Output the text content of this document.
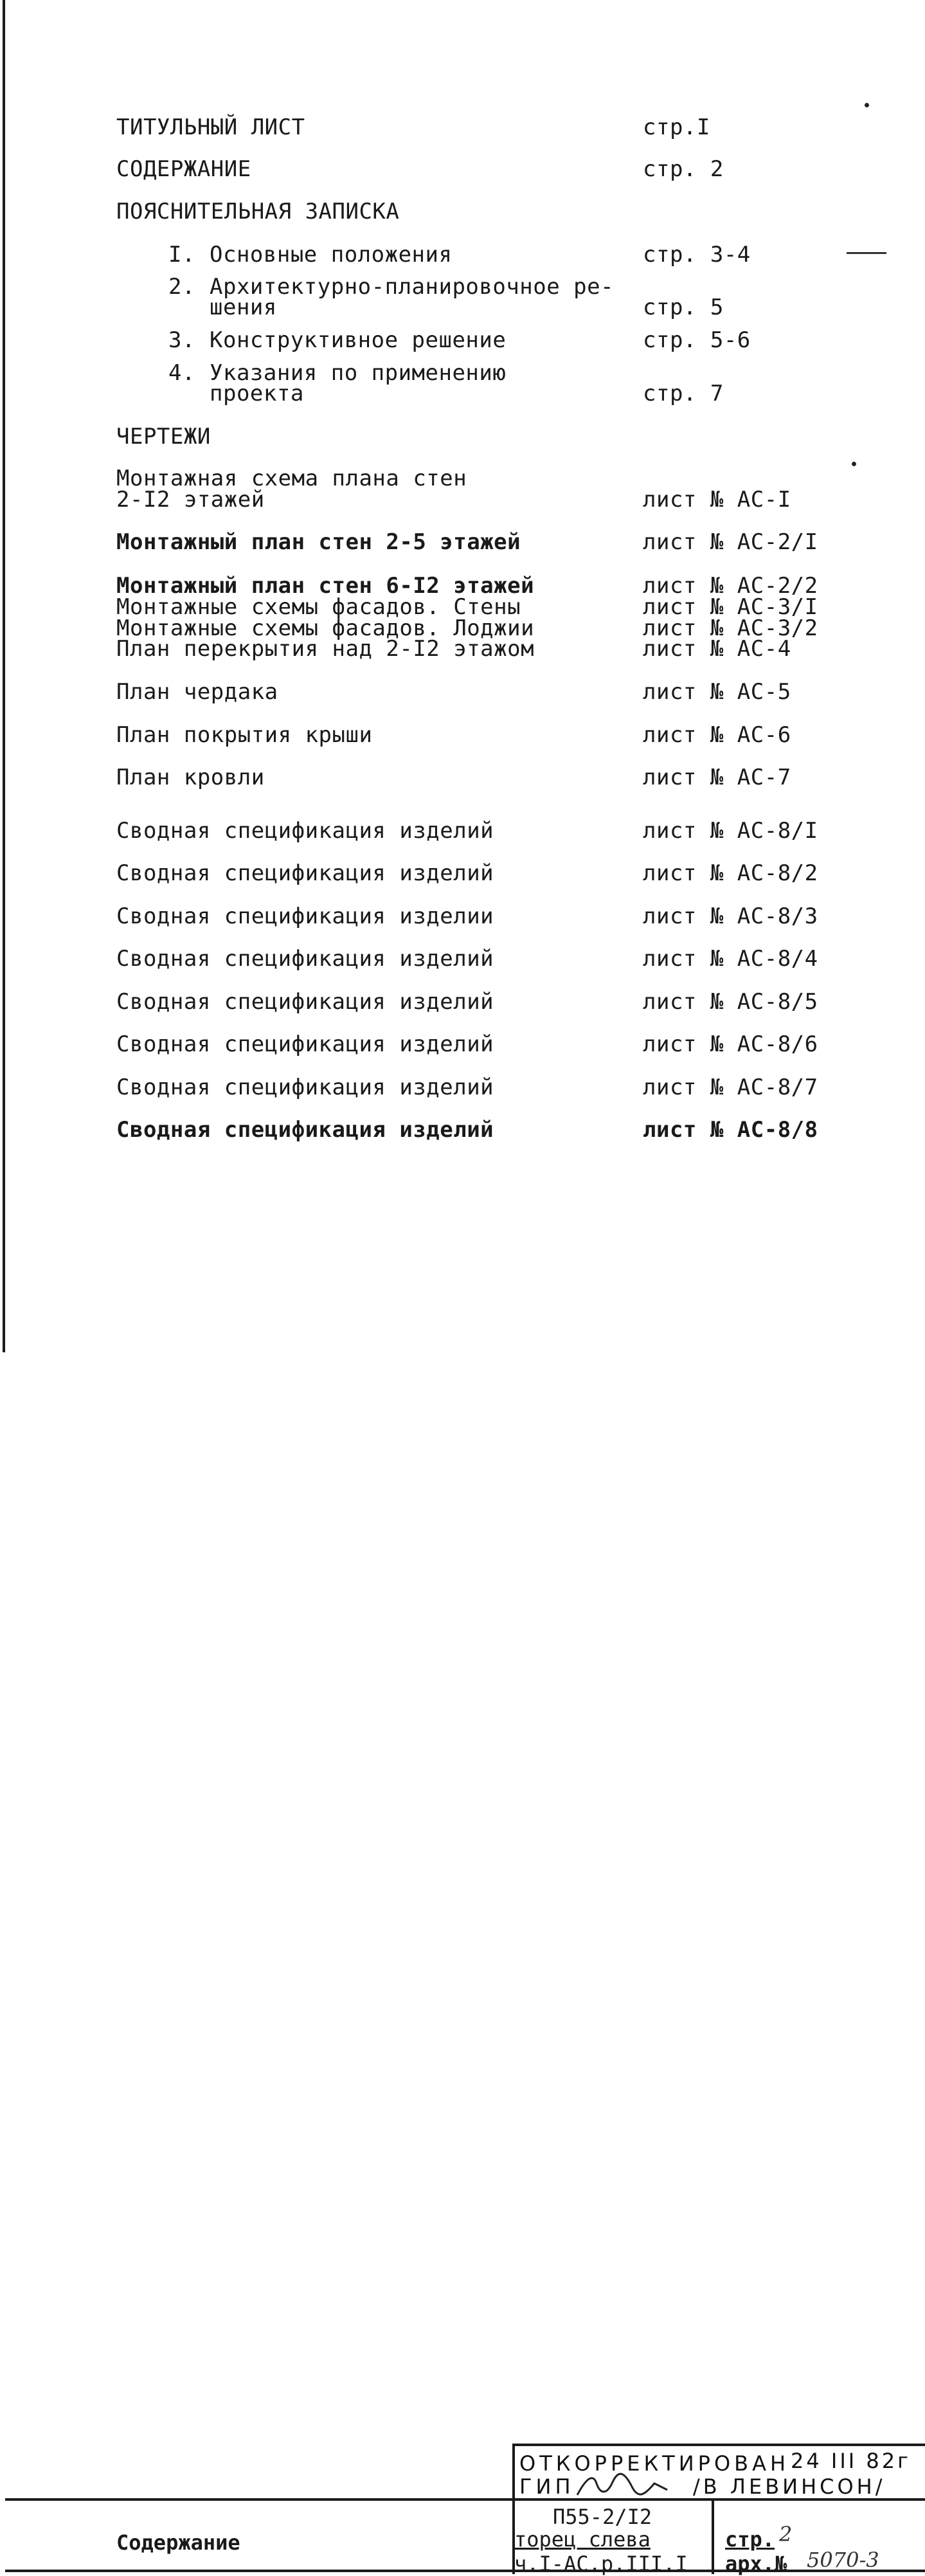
ТИТУЛЬНЫЙ ЛИСТ	стр.I
СОДЕРЖАНИЕ	стр. 2
ПОЯСНИТЕЛЬНАЯ ЗАПИСКА
I. Основные положения	стр. 3-4
2. Архитектурно-планировочное ре-
шения	стр. 5
3. Конструктивное решение	стр. 5-6
4. Указания по применению
проекта	стр. 7
ЧЕРТЕЖИ
Монтажная схема плана стен
2-I2 этажей	лист № АС-I
Монтажный план стен 2-5 этажей	лист № АС-2/I
Монтажный план стен 6-I2 этажей	лист № АС-2/2
Монтажные схемы фасадов. Стены	лист № АС-3/I
Монтажные схемы фасадов. Лоджии	лист № АС-3/2
План перекрытия над 2-I2 этажом	лист № АС-4
План чердака	лист № АС-5
План покрытия крыши	лист № АС-6
План кровли	лист № АС-7
Сводная спецификация изделий	лист № АС-8/I
Сводная спецификация изделий	лист № АС-8/2
Сводная спецификация изделии	лист № АС-8/3
Сводная спецификация изделий	лист № АС-8/4
Сводная спецификация изделий	лист № АС-8/5
Сводная спецификация изделий	лист № АС-8/6
Сводная спецификация изделий	лист № АС-8/7
Сводная спецификация изделий	лист № АС-8/8
ОТКОРРЕКТИРОВАН 24 III 82г
ГИП	/В ЛЕВИНСОН/
Содержание
П55-2/I2
торец слева
ч.I-АС.р.III.I
стр. 2
арх.№ 5070-3
